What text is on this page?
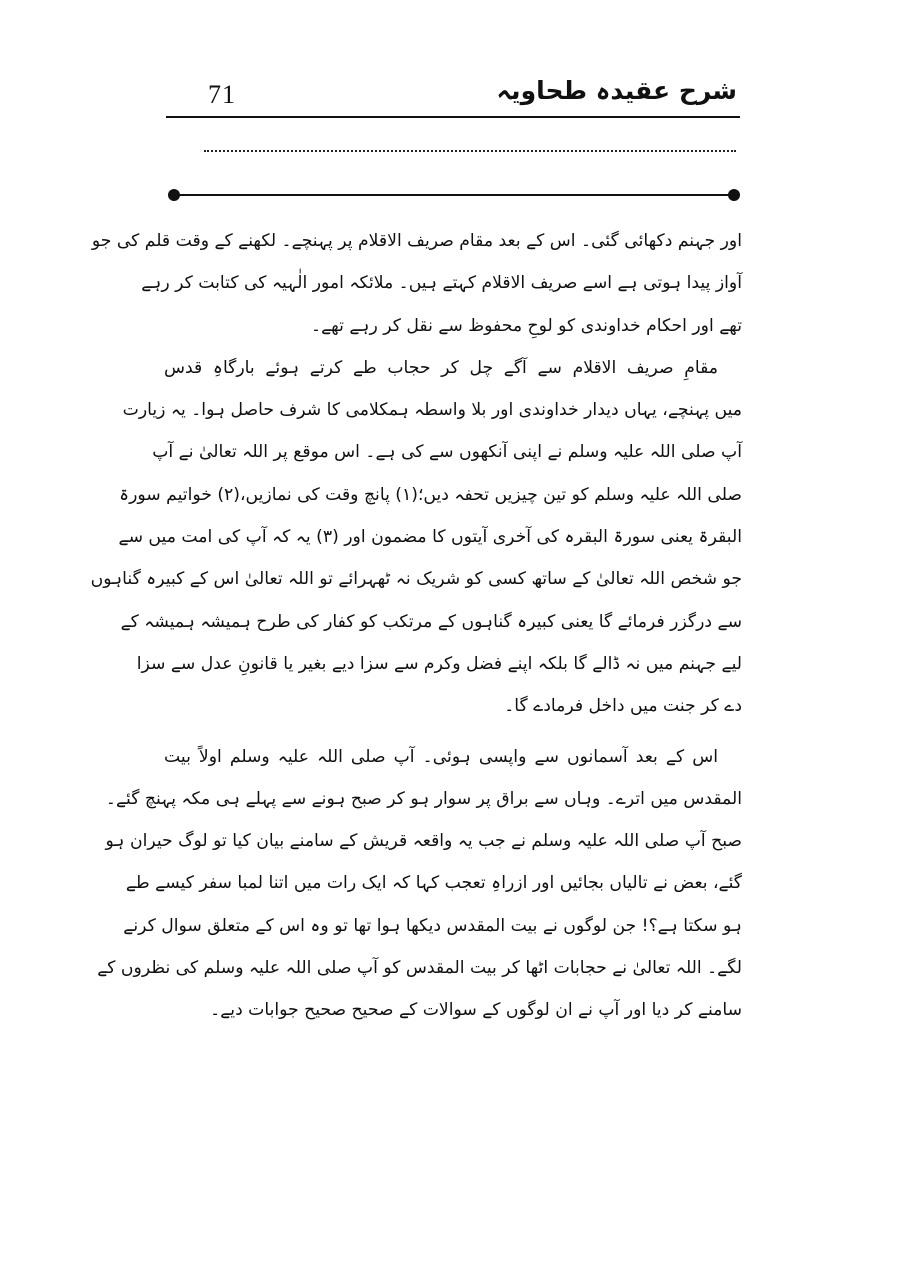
71	شرح عقیدہ طحاویہ
اور جہنم دکھائی گئی۔ اس کے بعد مقام صریف الاقلام پر پہنچے۔ لکھنے کے وقت قلم کی جو
آواز پیدا ہوتی ہے اسے صریف الاقلام کہتے ہیں۔ ملائکہ امور الٰہیہ کی کتابت کر رہے
تھے اور احکام خداوندی کو لوحِ محفوظ سے نقل کر رہے تھے۔
مقامِ صریف الاقلام سے آگے چل کر حجاب طے کرتے ہوئے بارگاہِ قدس
میں پہنچے، یہاں دیدار خداوندی اور بلا واسطہ ہمکلامی کا شرف حاصل ہوا۔ یہ زیارت
آپ صلی اللہ علیہ وسلم نے اپنی آنکھوں سے کی ہے۔ اس موقع پر اللہ تعالیٰ نے آپ
صلی اللہ علیہ وسلم کو تین چیزیں تحفہ دیں؛(۱) پانچ وقت کی نمازیں،(۲) خواتیم سورۃ
البقرۃ یعنی سورۃ البقرہ کی آخری آیتوں کا مضمون اور (۳) یہ کہ آپ کی امت میں سے
جو شخص اللہ تعالیٰ کے ساتھ کسی کو شریک نہ ٹھہرائے تو اللہ تعالیٰ اس کے کبیرہ گناہوں
سے درگزر فرمائے گا یعنی کبیرہ گناہوں کے مرتکب کو کفار کی طرح ہمیشہ ہمیشہ کے
لیے جہنم میں نہ ڈالے گا بلکہ اپنے فضل وکرم سے سزا دیے بغیر یا قانونِ عدل سے سزا
دے کر جنت میں داخل فرمادے گا۔
اس کے بعد آسمانوں سے واپسی ہوئی۔ آپ صلی اللہ علیہ وسلم اولاً بیت
المقدس میں اترے۔ وہاں سے براق پر سوار ہو کر صبح ہونے سے پہلے ہی مکہ پہنچ گئے۔
صبح آپ صلی اللہ علیہ وسلم نے جب یہ واقعہ قریش کے سامنے بیان کیا تو لوگ حیران ہو
گئے، بعض نے تالیاں بجائیں اور ازراہِ تعجب کہا کہ ایک رات میں اتنا لمبا سفر کیسے طے
ہو سکتا ہے؟! جن لوگوں نے بیت المقدس دیکھا ہوا تھا تو وہ اس کے متعلق سوال کرنے
لگے۔ اللہ تعالیٰ نے حجابات اٹھا کر بیت المقدس کو آپ صلی اللہ علیہ وسلم کی نظروں کے
سامنے کر دیا اور آپ نے ان لوگوں کے سوالات کے صحیح صحیح جوابات دیے۔
